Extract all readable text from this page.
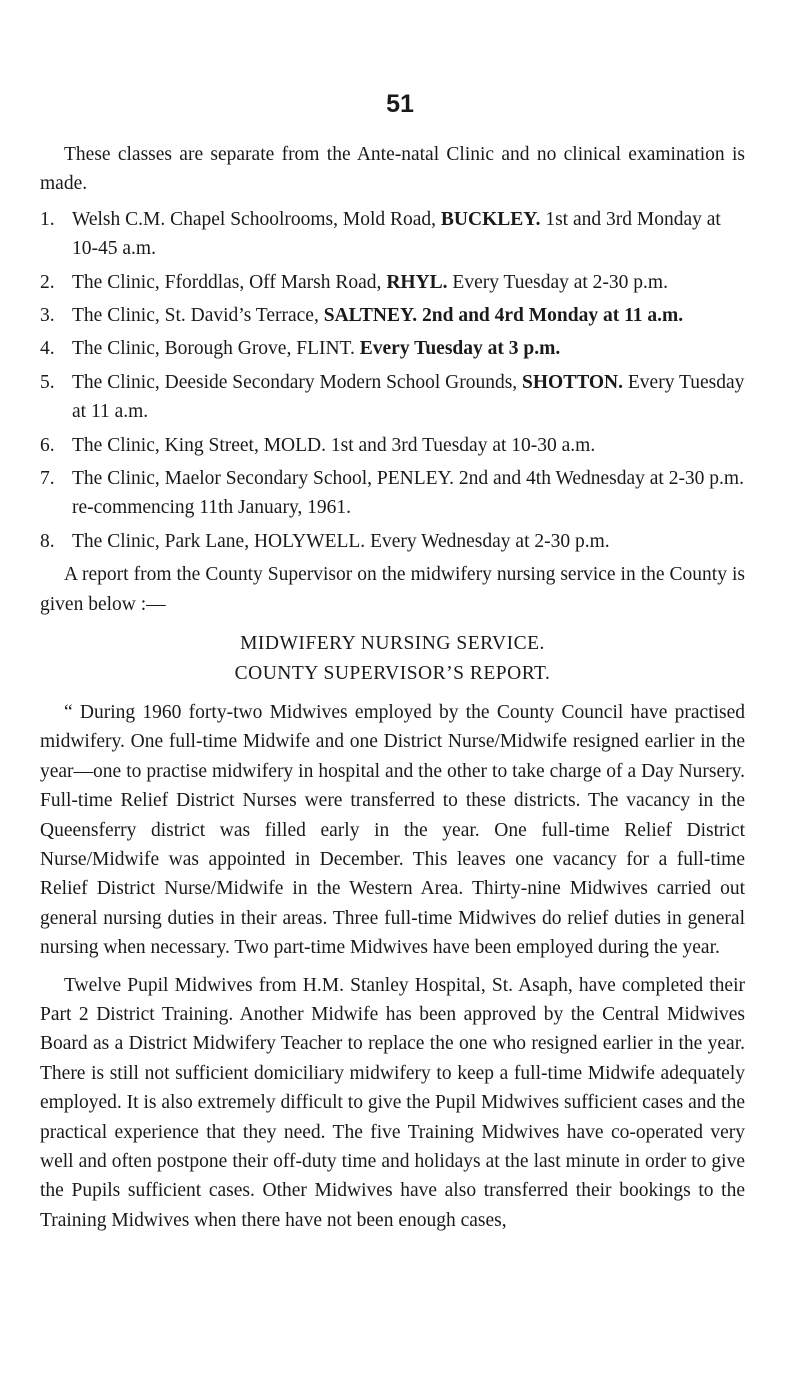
51

These classes are separate from the Ante-natal Clinic and no clinical examination is made.

1. Welsh C.M. Chapel Schoolrooms, Mold Road, BUCKLEY. 1st and 3rd Monday at 10-45 a.m.
2. The Clinic, Fforddlas, Off Marsh Road, RHYL. Every Tuesday at 2-30 p.m.
3. The Clinic, St. David’s Terrace, SALTNEY. 2nd and 4rd Monday at 11 a.m.
4. The Clinic, Borough Grove, FLINT. Every Tuesday at 3 p.m.
5. The Clinic, Deeside Secondary Modern School Grounds, SHOTTON. Every Tuesday at 11 a.m.
6. The Clinic, King Street, MOLD. 1st and 3rd Tuesday at 10-30 a.m.
7. The Clinic, Maelor Secondary School, PENLEY. 2nd and 4th Wednesday at 2-30 p.m. re-commencing 11th January, 1961.
8. The Clinic, Park Lane, HOLYWELL. Every Wednesday at 2-30 p.m.

A report from the County Supervisor on the midwifery nursing service in the County is given below :—

MIDWIFERY NURSING SERVICE.

COUNTY SUPERVISOR’S REPORT.

“ During 1960 forty-two Midwives employed by the County Council have practised midwifery. One full-time Midwife and one District Nurse/Midwife resigned earlier in the year—one to practise midwifery in hospital and the other to take charge of a Day Nursery. Full-time Relief District Nurses were transferred to these districts. The vacancy in the Queensferry district was filled early in the year. One full-time Relief District Nurse/Midwife was appointed in December. This leaves one vacancy for a full-time Relief District Nurse/Midwife in the Western Area. Thirty-nine Midwives carried out general nursing duties in their areas. Three full-time Midwives do relief duties in general nursing when necessary. Two part-time Midwives have been employed during the year.

Twelve Pupil Midwives from H.M. Stanley Hospital, St. Asaph, have completed their Part 2 District Training. Another Midwife has been approved by the Central Midwives Board as a District Midwifery Teacher to replace the one who resigned earlier in the year. There is still not sufficient domiciliary midwifery to keep a full-time Midwife adequately employed. It is also extremely difficult to give the Pupil Midwives sufficient cases and the practical experience that they need. The five Training Midwives have co-operated very well and often postpone their off-duty time and holidays at the last minute in order to give the Pupils sufficient cases. Other Midwives have also transferred their bookings to the Training Midwives when there have not been enough cases,
